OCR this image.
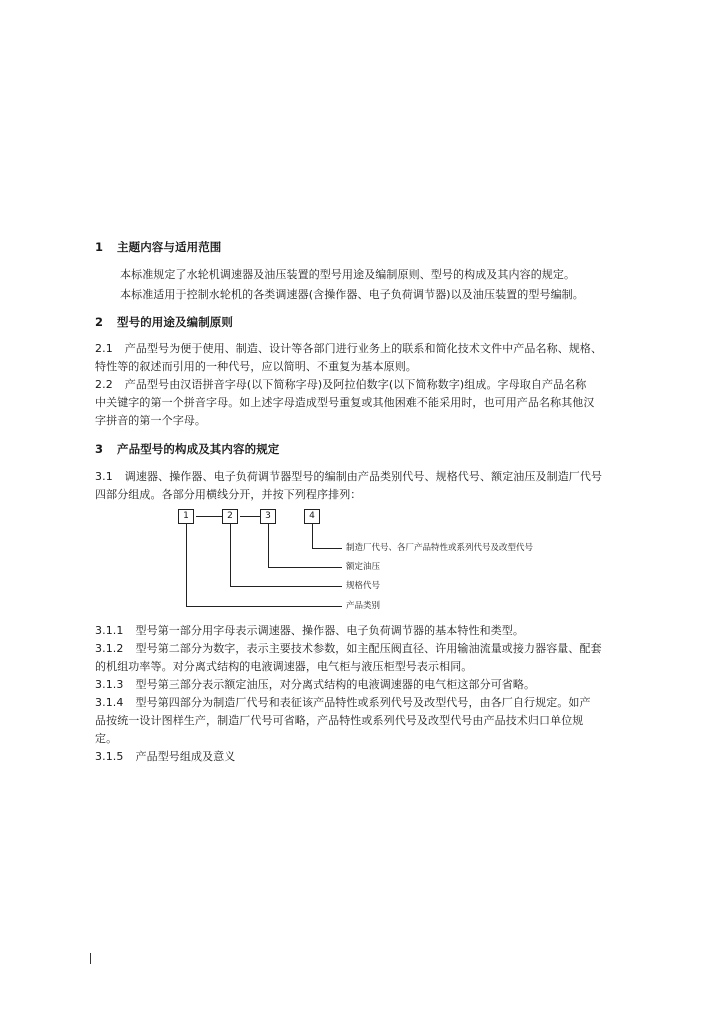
1 主题内容与适用范围
本标准规定了水轮机调速器及油压装置的型号用途及编制原则、型号的构成及其内容的规定。
本标准适用于控制水轮机的各类调速器(含操作器、电子负荷调节器)以及油压装置的型号编制。
2 型号的用途及编制原则
2.1 产品型号为便于使用、制造、设计等各部门进行业务上的联系和简化技术文件中产品名称、规格、
特性等的叙述而引用的一种代号，应以简明、不重复为基本原则。
2.2 产品型号由汉语拼音字母(以下简称字母)及阿拉伯数字(以下简称数字)组成。字母取自产品名称
中关键字的第一个拼音字母。如上述字母造成型号重复或其他困难不能采用时，也可用产品名称其他汉
字拼音的第一个字母。
3 产品型号的构成及其内容的规定
3.1 调速器、操作器、电子负荷调节器型号的编制由产品类别代号、规格代号、额定油压及制造厂代号
四部分组成。各部分用横线分开，并按下列程序排列：
1	2	3	4
制造厂代号、各厂产品特性或系列代号及改型代号
额定油压
规格代号
产品类别
3.1.1 型号第一部分用字母表示调速器、操作器、电子负荷调节器的基本特性和类型。
3.1.2 型号第二部分为数字，表示主要技术参数，如主配压阀直径、许用输油流量或接力器容量、配套
的机组功率等。对分离式结构的电液调速器，电气柜与液压柜型号表示相同。
3.1.3 型号第三部分表示额定油压，对分离式结构的电液调速器的电气柜这部分可省略。
3.1.4 型号第四部分为制造厂代号和表征该产品特性或系列代号及改型代号，由各厂自行规定。如产
品按统一设计图样生产，制造厂代号可省略，产品特性或系列代号及改型代号由产品技术归口单位规
定。
3.1.5 产品型号组成及意义
